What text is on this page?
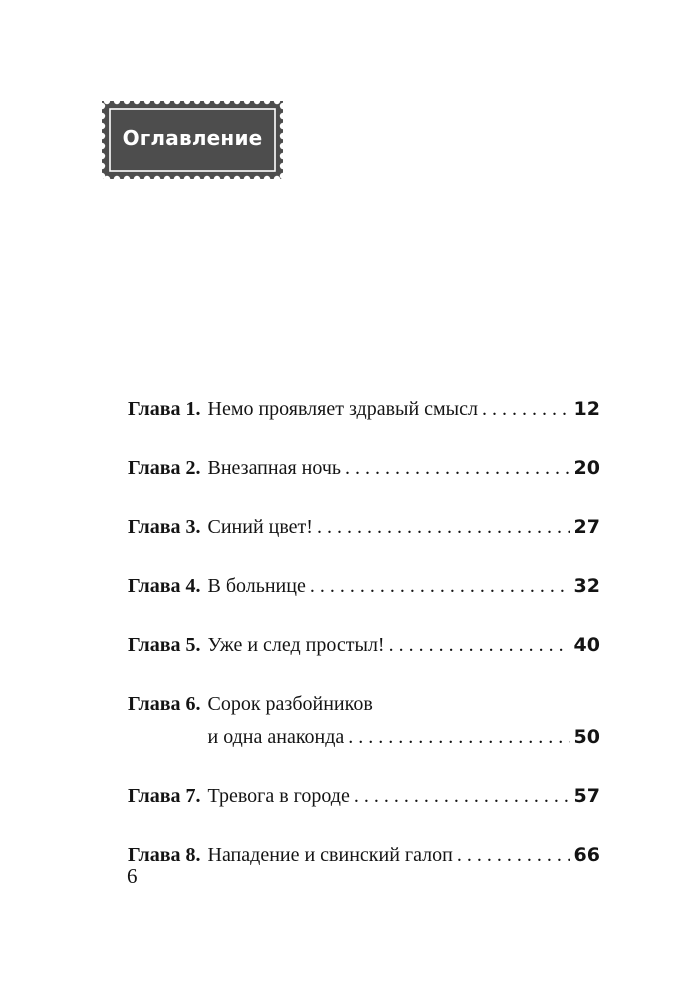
Оглавление
Глава 1. Немо проявляет здравый смысл . . .	12
Глава 2. Внезапная ночь . . .	20
Глава 3. Синий цвет! . . .	27
Глава 4. В больнице . . .	32
Глава 5. Уже и след простыл! . . .	40
Глава 6. Сорок разбойников
и одна анаконда . . .	50
Глава 7. Тревога в городе . . .	57
Глава 8. Нападение и свинский галоп . . .	66
6
